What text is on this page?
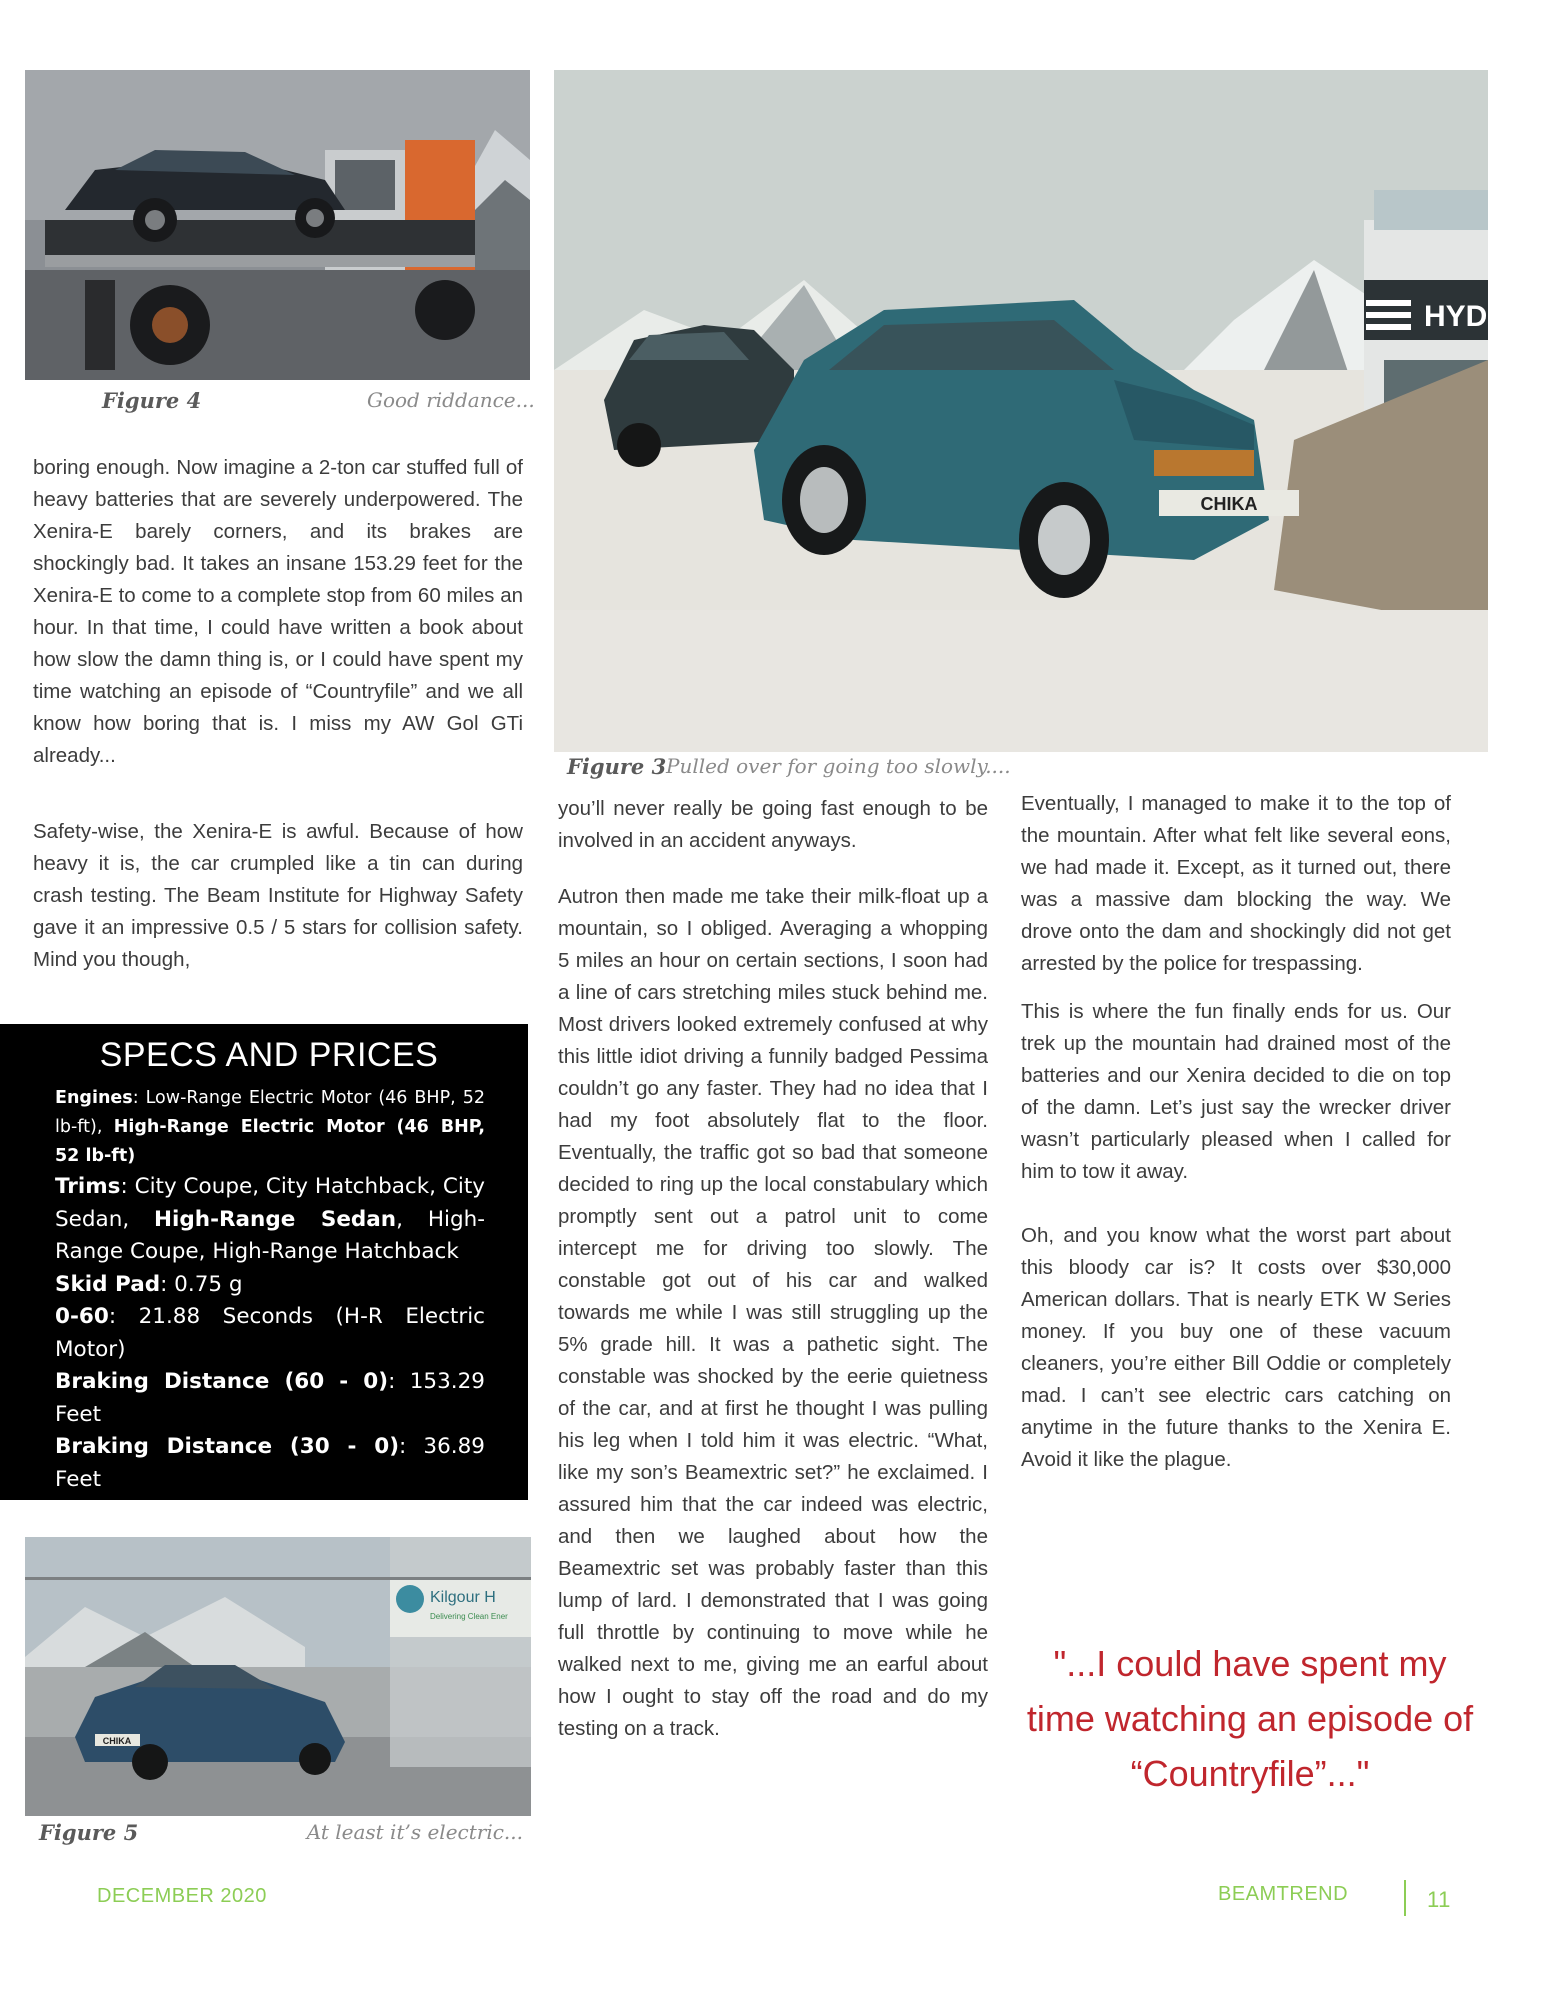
Figure 4	Good riddance...
HYDRO
CHIKA
Figure 3 Pulled over for going too slowly....

boring enough. Now imagine a 2-ton car stuffed full of heavy batteries that are severely underpowered. The Xenira-E barely corners, and its brakes are shockingly bad. It takes an insane 153.29 feet for the Xenira-E to come to a complete stop from 60 miles an hour. In that time, I could have written a book about how slow the damn thing is, or I could have spent my time watching an episode of “Countryfile” and we all know how boring that is. I miss my AW Gol GTi already...

Safety-wise, the Xenira-E is awful. Because of how heavy it is, the car crumpled like a tin can during crash testing. The Beam Institute for Highway Safety gave it an impressive 0.5 / 5 stars for collision safety. Mind you though,

SPECS AND PRICES

Engines: Low-Range Electric Motor (46 BHP, 52 lb-ft), High-Range Electric Motor (46 BHP, 52 lb-ft)

Trims: City Coupe, City Hatchback, City Sedan, High-Range Sedan, High-Range Coupe, High-Range Hatchback

Skid Pad: 0.75 g

0-60: 21.88 Seconds (H-R Electric Motor)

Braking Distance (60 - 0): 153.29 Feet

Braking Distance (30 - 0): 36.89 Feet

Prices (Taxes and Delivery not

Kilgour H
Delivering Clean Ener
CHIKA
Figure 5	At least it’s electric...

you’ll never really be going fast enough to be involved in an accident anyways.

Autron then made me take their milk-float up a mountain, so I obliged. Averaging a whopping 5 miles an hour on certain sections, I soon had a line of cars stretching miles stuck behind me. Most drivers looked extremely confused at why this little idiot driving a funnily badged Pessima couldn’t go any faster. They had no idea that I had my foot absolutely flat to the floor. Eventually, the traffic got so bad that someone decided to ring up the local constabulary which promptly sent out a patrol unit to come intercept me for driving too slowly. The constable got out of his car and walked towards me while I was still struggling up the 5% grade hill. It was a pathetic sight. The constable was shocked by the eerie quietness of the car, and at first he thought I was pulling his leg when I told him it was electric. “What, like my son’s Beamextric set?” he exclaimed. I assured him that the car indeed was electric, and then we laughed about how the Beamextric set was probably faster than this lump of lard. I demonstrated that I was going full throttle by continuing to move while he walked next to me, giving me an earful about how I ought to stay off the road and do my testing on a track.

Eventually, I managed to make it to the top of the mountain. After what felt like several eons, we had made it. Except, as it turned out, there was a massive dam blocking the way. We drove onto the dam and shockingly did not get arrested by the police for trespassing.

This is where the fun finally ends for us. Our trek up the mountain had drained most of the batteries and our Xenira decided to die on top of the damn. Let’s just say the wrecker driver wasn’t particularly pleased when I called for him to tow it away.

Oh, and you know what the worst part about this bloody car is? It costs over $30,000 American dollars. That is nearly ETK W Series money. If you buy one of these vacuum cleaners, you’re either Bill Oddie or completely mad. I can’t see electric cars catching on anytime in the future thanks to the Xenira E. Avoid it like the plague.

"...I could have spent my time watching an episode of “Countryfile”..."
DECEMBER 2020	BEAMTREND	11
